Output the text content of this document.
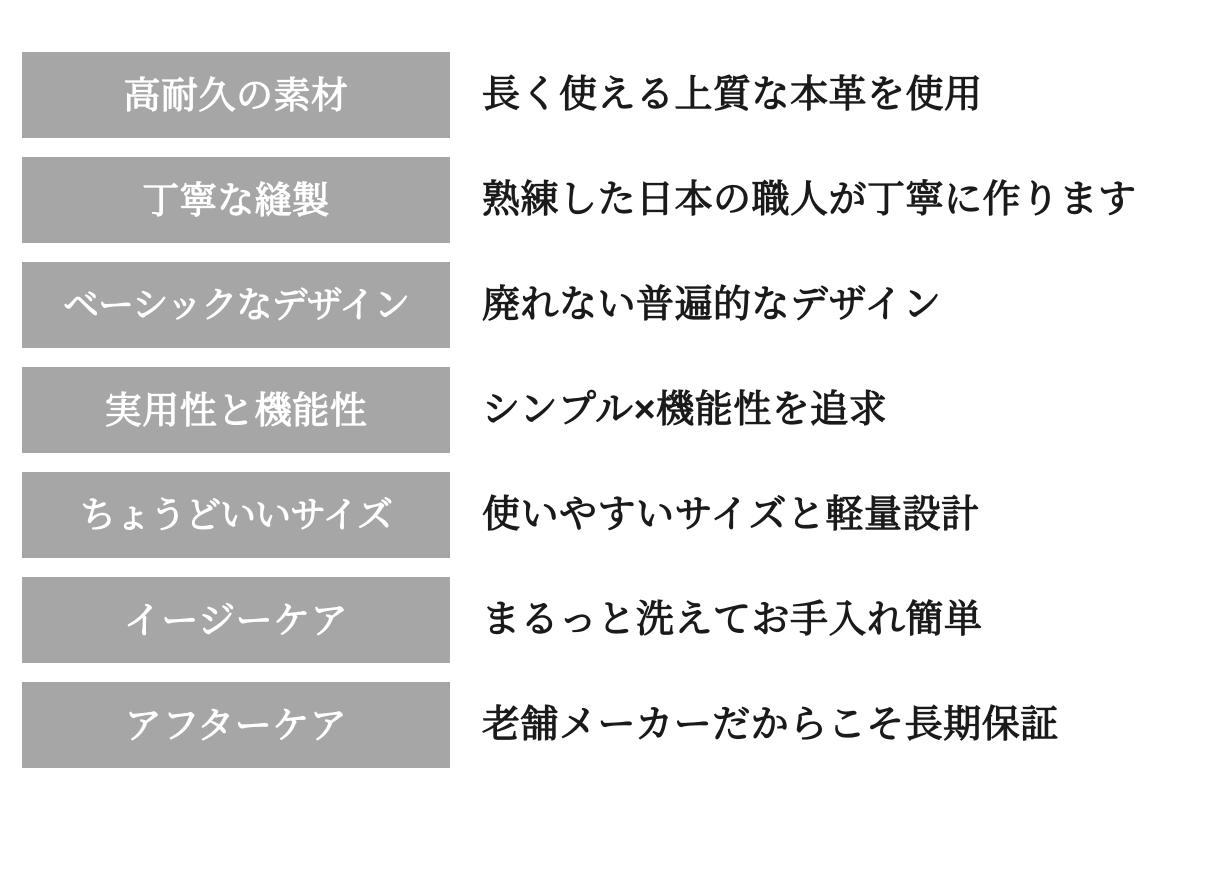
高耐久の素材	長く使える上質な本革を使用
丁寧な縫製	熟練した日本の職人が丁寧に作ります
ベーシックなデザイン	廃れない普遍的なデザイン
実用性と機能性	シンプル×機能性を追求
ちょうどいいサイズ	使いやすいサイズと軽量設計
イージーケア	まるっと洗えてお手入れ簡単
アフターケア	老舗メーカーだからこそ長期保証
